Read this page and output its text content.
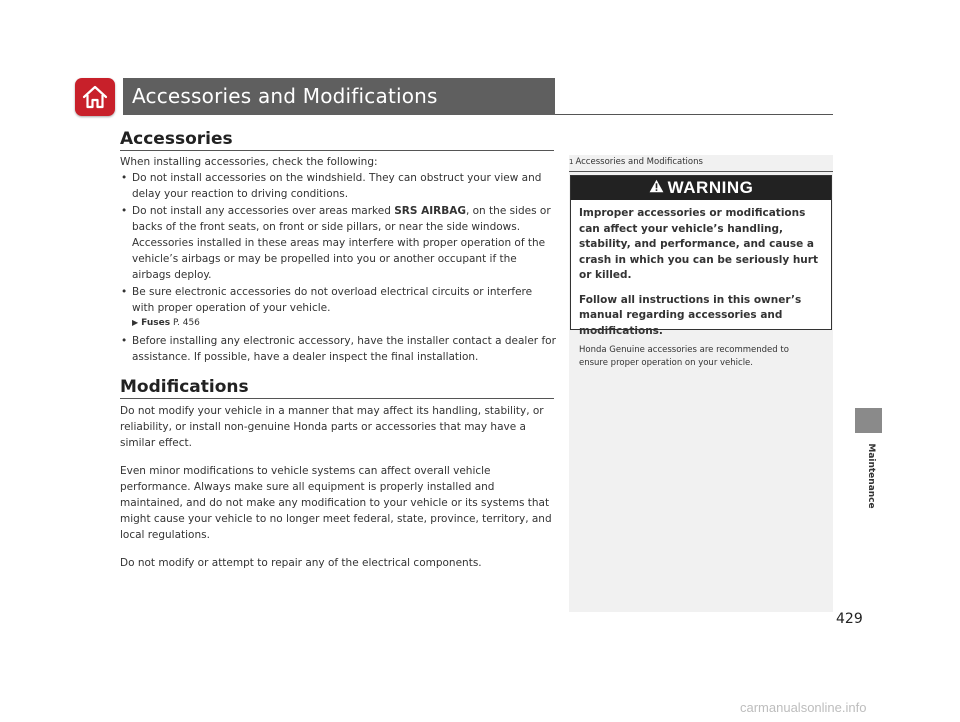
Accessories and Modifications
Accessories

When installing accessories, check the following:

• Do not install accessories on the windshield. They can obstruct your view and delay your reaction to driving conditions.
• Do not install any accessories over areas marked SRS AIRBAG, on the sides or backs of the front seats, on front or side pillars, or near the side windows. Accessories installed in these areas may interfere with proper operation of the vehicle’s airbags or may be propelled into you or another occupant if the airbags deploy.
• Be sure electronic accessories do not overload electrical circuits or interfere with proper operation of your vehicle.
▶ Fuses P. 456
• Before installing any electronic accessory, have the installer contact a dealer for assistance. If possible, have a dealer inspect the final installation.
Modifications

Do not modify your vehicle in a manner that may affect its handling, stability, or reliability, or install non-genuine Honda parts or accessories that may have a similar effect.

Even minor modifications to vehicle systems can affect overall vehicle performance. Always make sure all equipment is properly installed and maintained, and do not make any modification to your vehicle or its systems that might cause your vehicle to no longer meet federal, state, province, territory, and local regulations.

Do not modify or attempt to repair any of the electrical components.

1 Accessories and Modifications
WARNING

Improper accessories or modifications can affect your vehicle’s handling, stability, and performance, and cause a crash in which you can be seriously hurt or killed.

Follow all instructions in this owner’s manual regarding accessories and modifications.

Honda Genuine accessories are recommended to ensure proper operation on your vehicle.
Maintenance
429
carmanualsonline.info
